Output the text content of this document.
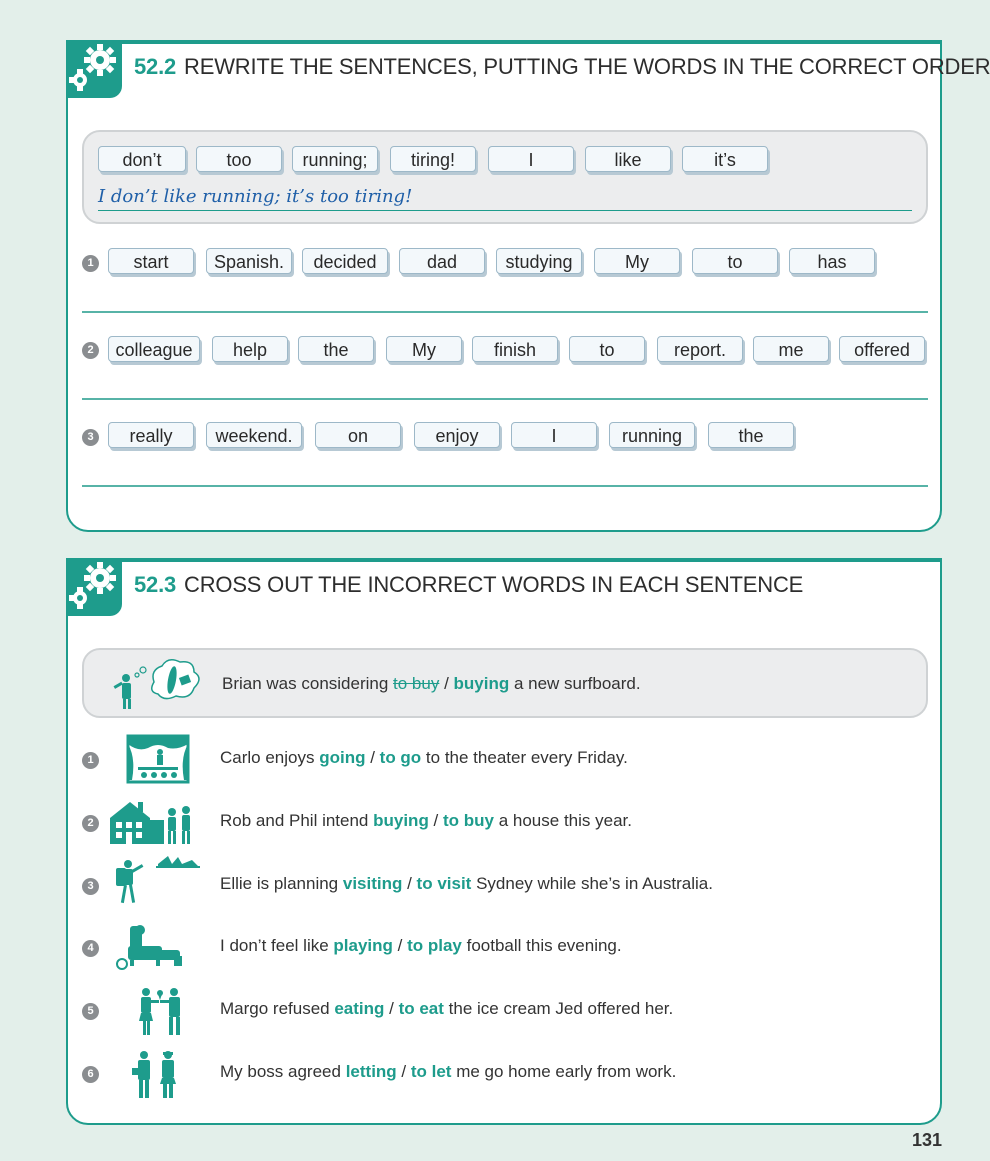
52.2 REWRITE THE SENTENCES, PUTTING THE WORDS IN THE CORRECT ORDER
don’t	too	running;	tiring!	I	like	it’s
I don’t like running; it’s too tiring!
1	start	Spanish.	decided	dad	studying	My	to	has
2	colleague	help	the	My	finish	to	report.	me	offered
3	really	weekend.	on	enjoy	I	running	the
52.3 CROSS OUT THE INCORRECT WORDS IN EACH SENTENCE
Brian was considering to buy / buying a new surfboard.
1	Carlo enjoys going / to go to the theater every Friday.
2	Rob and Phil intend buying / to buy a house this year.
3	Ellie is planning visiting / to visit Sydney while she’s in Australia.
4	I don’t feel like playing / to play football this evening.
5	Margo refused eating / to eat the ice cream Jed offered her.
6	My boss agreed letting / to let me go home early from work.
131
